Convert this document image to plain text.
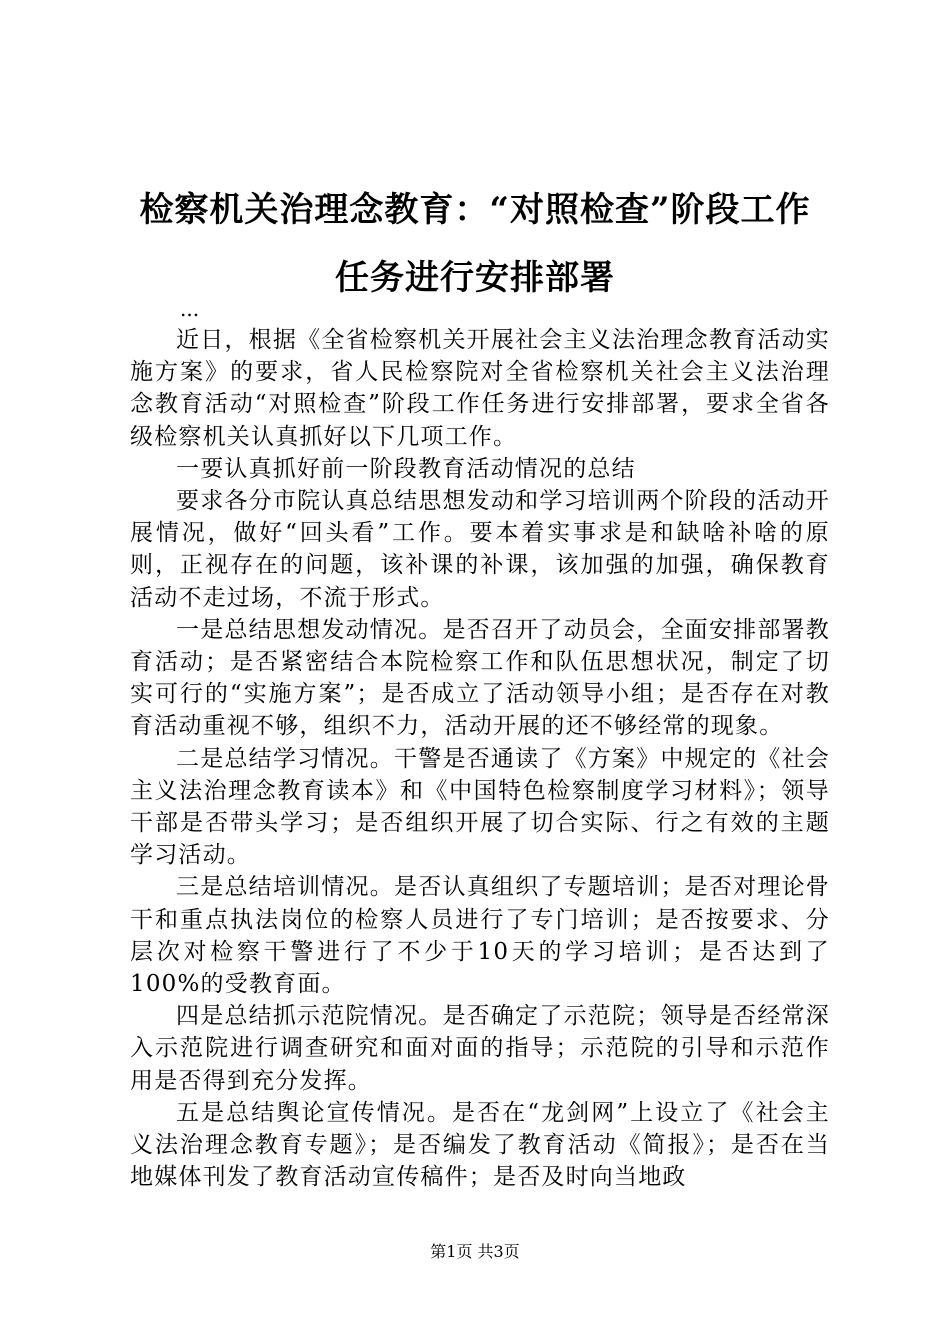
检察机关治理念教育：“对照检查”阶段工作
任务进行安排部署
...

近日，根据《全省检察机关开展社会主义法治理念教育活动实施方案》的要求，省人民检察院对全省检察机关社会主义法治理念教育活动“对照检查”阶段工作任务进行安排部署，要求全省各级检察机关认真抓好以下几项工作。

一要认真抓好前一阶段教育活动情况的总结

要求各分市院认真总结思想发动和学习培训两个阶段的活动开展情况，做好“回头看”工作。要本着实事求是和缺啥补啥的原则，正视存在的问题，该补课的补课，该加强的加强，确保教育活动不走过场，不流于形式。

一是总结思想发动情况。是否召开了动员会，全面安排部署教育活动；是否紧密结合本院检察工作和队伍思想状况，制定了切实可行的“实施方案”；是否成立了活动领导小组；是否存在对教育活动重视不够，组织不力，活动开展的还不够经常的现象。

二是总结学习情况。干警是否通读了《方案》中规定的《社会主义法治理念教育读本》和《中国特色检察制度学习材料》；领导干部是否带头学习；是否组织开展了切合实际、行之有效的主题学习活动。

三是总结培训情况。是否认真组织了专题培训；是否对理论骨干和重点执法岗位的检察人员进行了专门培训；是否按要求、分层次对检察干警进行了不少于10天的学习培训；是否达到了100%的受教育面。

四是总结抓示范院情况。是否确定了示范院；领导是否经常深入示范院进行调查研究和面对面的指导；示范院的引导和示范作用是否得到充分发挥。

五是总结舆论宣传情况。是否在“龙剑网”上设立了《社会主义法治理念教育专题》；是否编发了教育活动《简报》；是否在当地媒体刊发了教育活动宣传稿件；是否及时向当地政

第1页 共3页
